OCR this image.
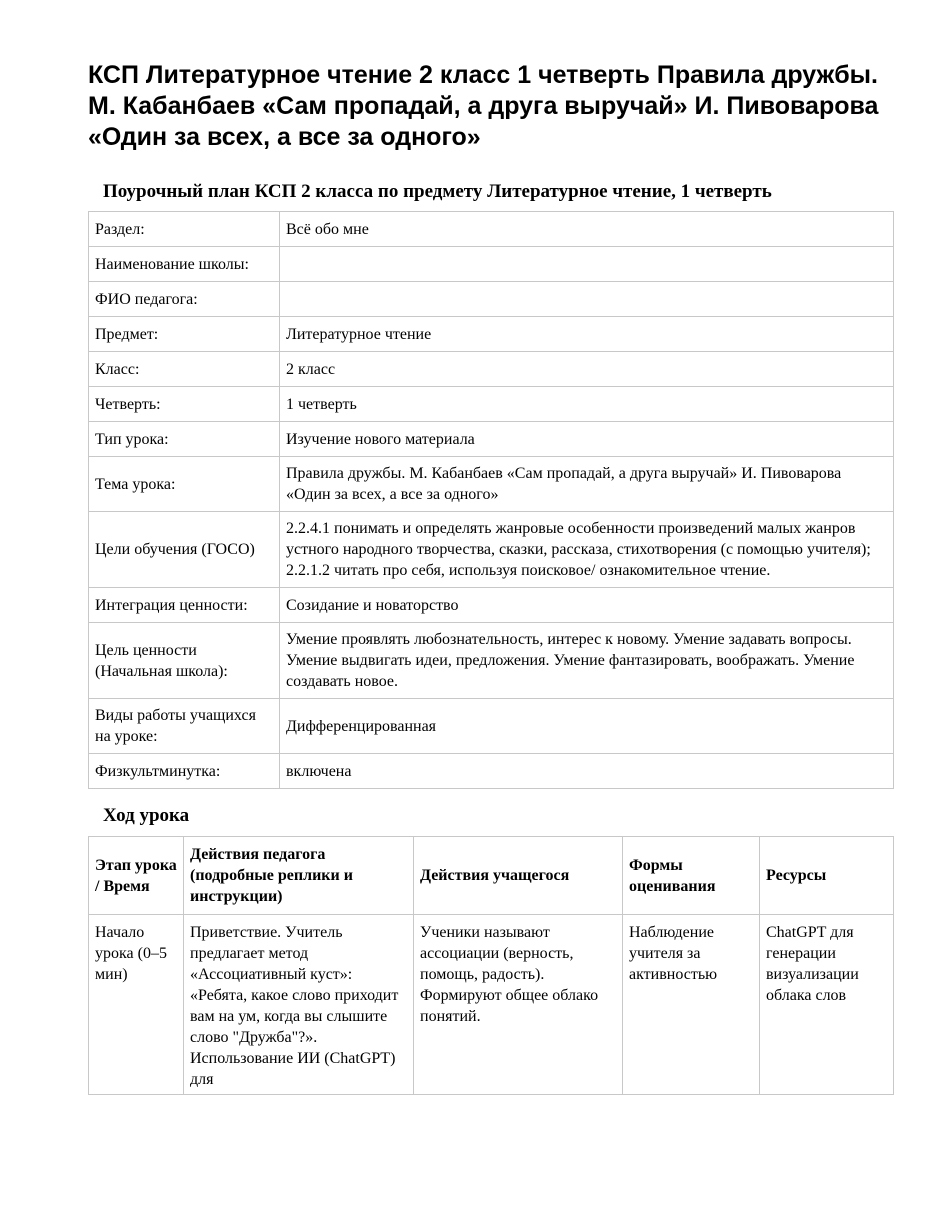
КСП Литературное чтение 2 класс 1 четверть Правила дружбы. М. Кабанбаев «Сам пропадай, а друга выручай» И. Пивоварова «Один за всех, а все за одного»
Поурочный план КСП 2 класса по предмету Литературное чтение, 1 четверть
Раздел:	Всё обо мне
Наименование школы:	
ФИО педагога:	
Предмет:	Литературное чтение
Класс:	2 класс
Четверть:	1 четверть
Тип урока:	Изучение нового материала
Тема урока:	Правила дружбы. М. Кабанбаев «Сам пропадай, а друга выручай» И. Пивоварова «Один за всех, а все за одного»
Цели обучения (ГОСО)	2.2.4.1 понимать и определять жанровые особенности произведений малых жанров устного народного творчества, сказки, рассказа, стихотворения (с помощью учителя); 2.2.1.2 читать про себя, используя поисковое/ ознакомительное чтение.
Интеграция ценности:	Созидание и новаторство
Цель ценности (Начальная школа):	Умение проявлять любознательность, интерес к новому. Умение задавать вопросы. Умение выдвигать идеи, предложения. Умение фантазировать, воображать. Умение создавать новое.
Виды работы учащихся на уроке:	Дифференцированная
Физкультминутка:	включена
Ход урока
Этап урока / Время	Действия педагога (подробные реплики и инструкции)	Действия учащегося	Формы оценивания	Ресурсы
Начало урока (0–5 мин)	Приветствие. Учитель предлагает метод «Ассоциативный куст»: «Ребята, какое слово приходит вам на ум, когда вы слышите слово "Дружба"?». Использование ИИ (ChatGPT) для	Ученики называют ассоциации (верность, помощь, радость). Формируют общее облако понятий.	Наблюдение учителя за активностью	ChatGPT для генерации визуализации облака слов
